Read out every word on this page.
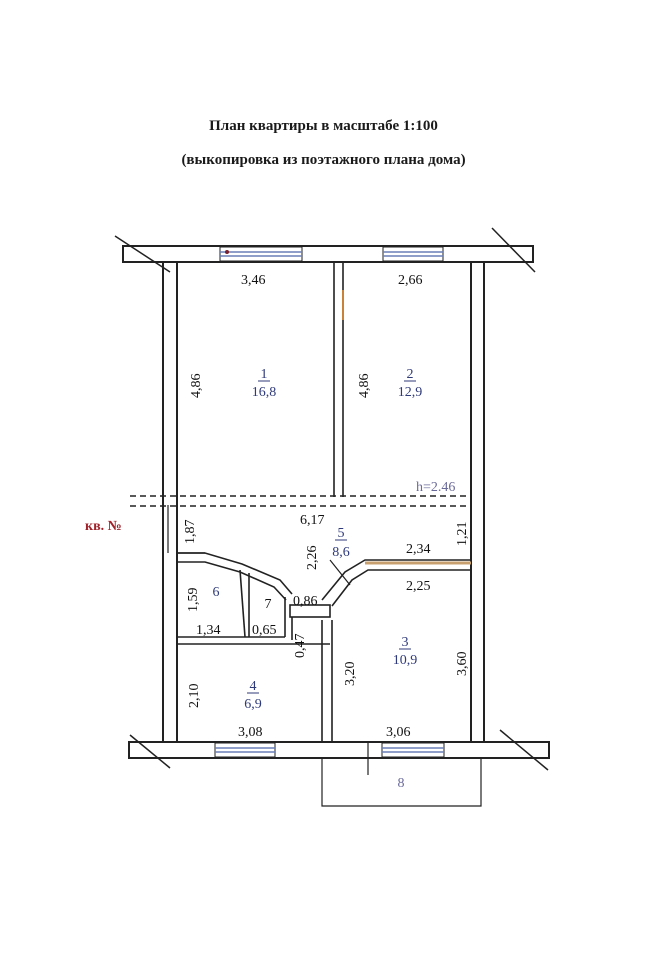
План квартиры в масштабе 1:100
(выкопировка из поэтажного плана дома)
3,46	2,66
4,86	4,86
6,17
1,87	1,21
2,26	2,34
2,25
3,20	3,60
3,06
1,59
1,34 0,65
0,86
0,47
2,10
3,08
1
16,8
2
12,9
3
10,9
4
6,9
5
8,6
6
7
8
кв. №
h=2.46
